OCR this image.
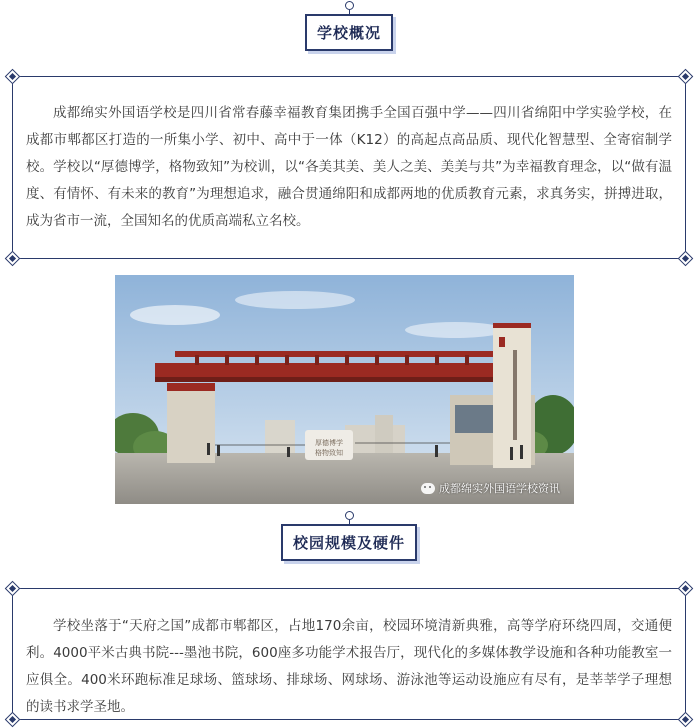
学校概况

成都绵实外国语学校是四川省常春藤幸福教育集团携手全国百强中学——四川省绵阳中学实验学校，在成都市郫都区打造的一所集小学、初中、高中于一体（K12）的高起点高品质、现代化智慧型、全寄宿制学校。学校以“厚德博学，格物致知”为校训，以“各美其美、美人之美、美美与共”为幸福教育理念，以“做有温度、有情怀、有未来的教育”为理想追求，融合贯通绵阳和成都两地的优质教育元素，求真务实，拼搏进取，成为省市一流，全国知名的优质高端私立名校。

厚德博学
格物致知
成都绵实外国语学校资讯
校园规模及硬件

学校坐落于“天府之国”成都市郫都区，占地170余亩，校园环境清新典雅，高等学府环绕四周，交通便利。4000平米古典书院---墨池书院，600座多功能学术报告厅，现代化的多媒体教学设施和各种功能教室一应俱全。400米环跑标准足球场、篮球场、排球场、网球场、游泳池等运动设施应有尽有，是莘莘学子理想的读书求学圣地。
